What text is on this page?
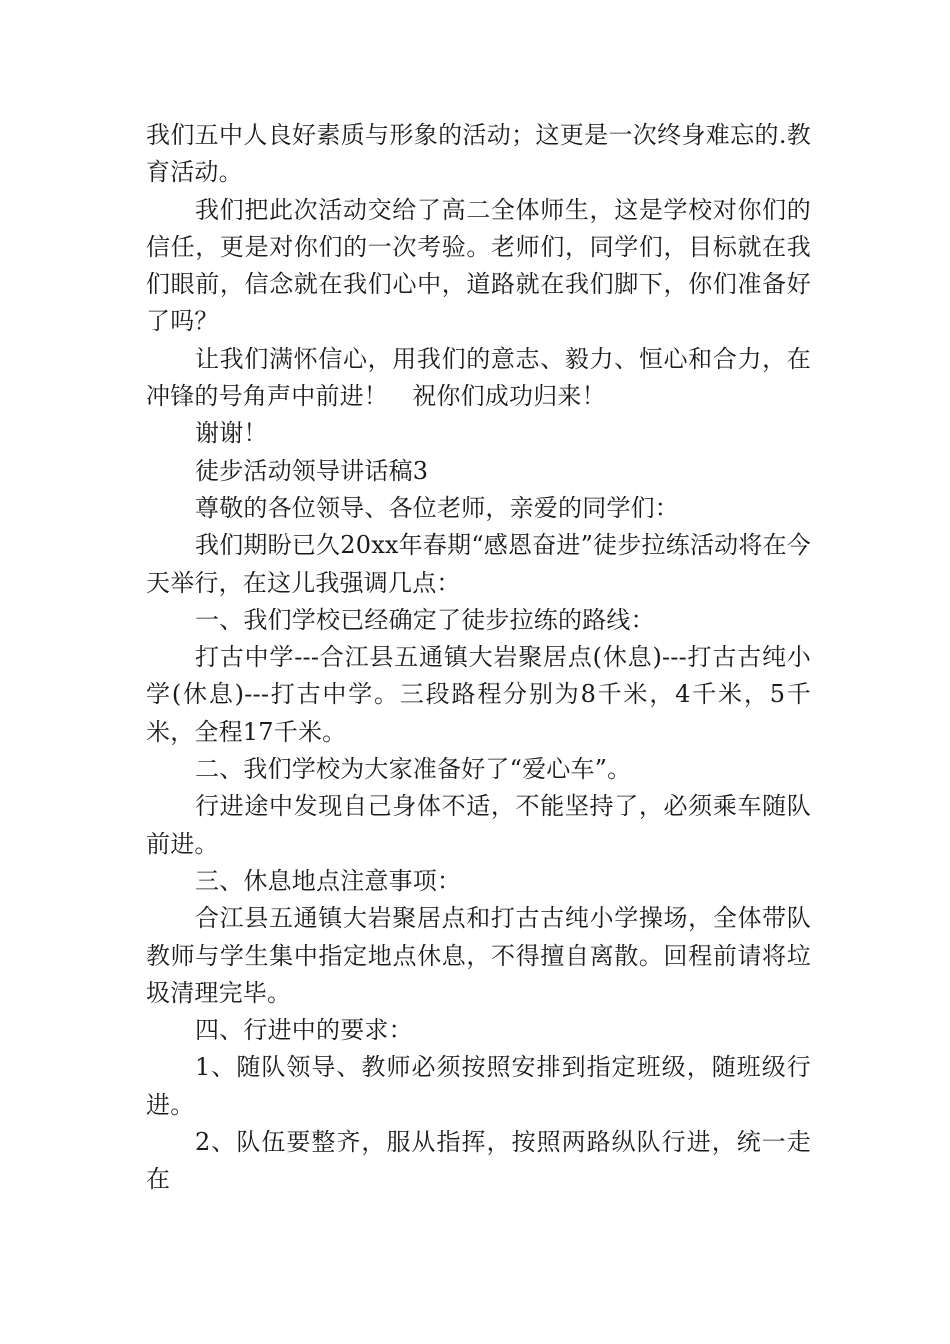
我们五中人良好素质与形象的活动；这更是一次终身难忘的.教育活动。

我们把此次活动交给了高二全体师生，这是学校对你们的信任，更是对你们的一次考验。老师们，同学们，目标就在我们眼前，信念就在我们心中，道路就在我们脚下，你们准备好了吗？

让我们满怀信心，用我们的意志、毅力、恒心和合力，在冲锋的号角声中前进！　祝你们成功归来！

谢谢！

徒步活动领导讲话稿3

尊敬的各位领导、各位老师，亲爱的同学们：

我们期盼已久20xx年春期“感恩奋进”徒步拉练活动将在今天举行，在这儿我强调几点：

一、我们学校已经确定了徒步拉练的路线：

打古中学---合江县五通镇大岩聚居点(休息)---打古古纯小学(休息)---打古中学。三段路程分别为8千米，4千米，5千米，全程17千米。

二、我们学校为大家准备好了“爱心车”。

行进途中发现自己身体不适，不能坚持了，必须乘车随队前进。

三、休息地点注意事项：

合江县五通镇大岩聚居点和打古古纯小学操场，全体带队教师与学生集中指定地点休息，不得擅自离散。回程前请将垃圾清理完毕。

四、行进中的要求：

1、随队领导、教师必须按照安排到指定班级，随班级行进。

2、队伍要整齐，服从指挥，按照两路纵队行进，统一走在
